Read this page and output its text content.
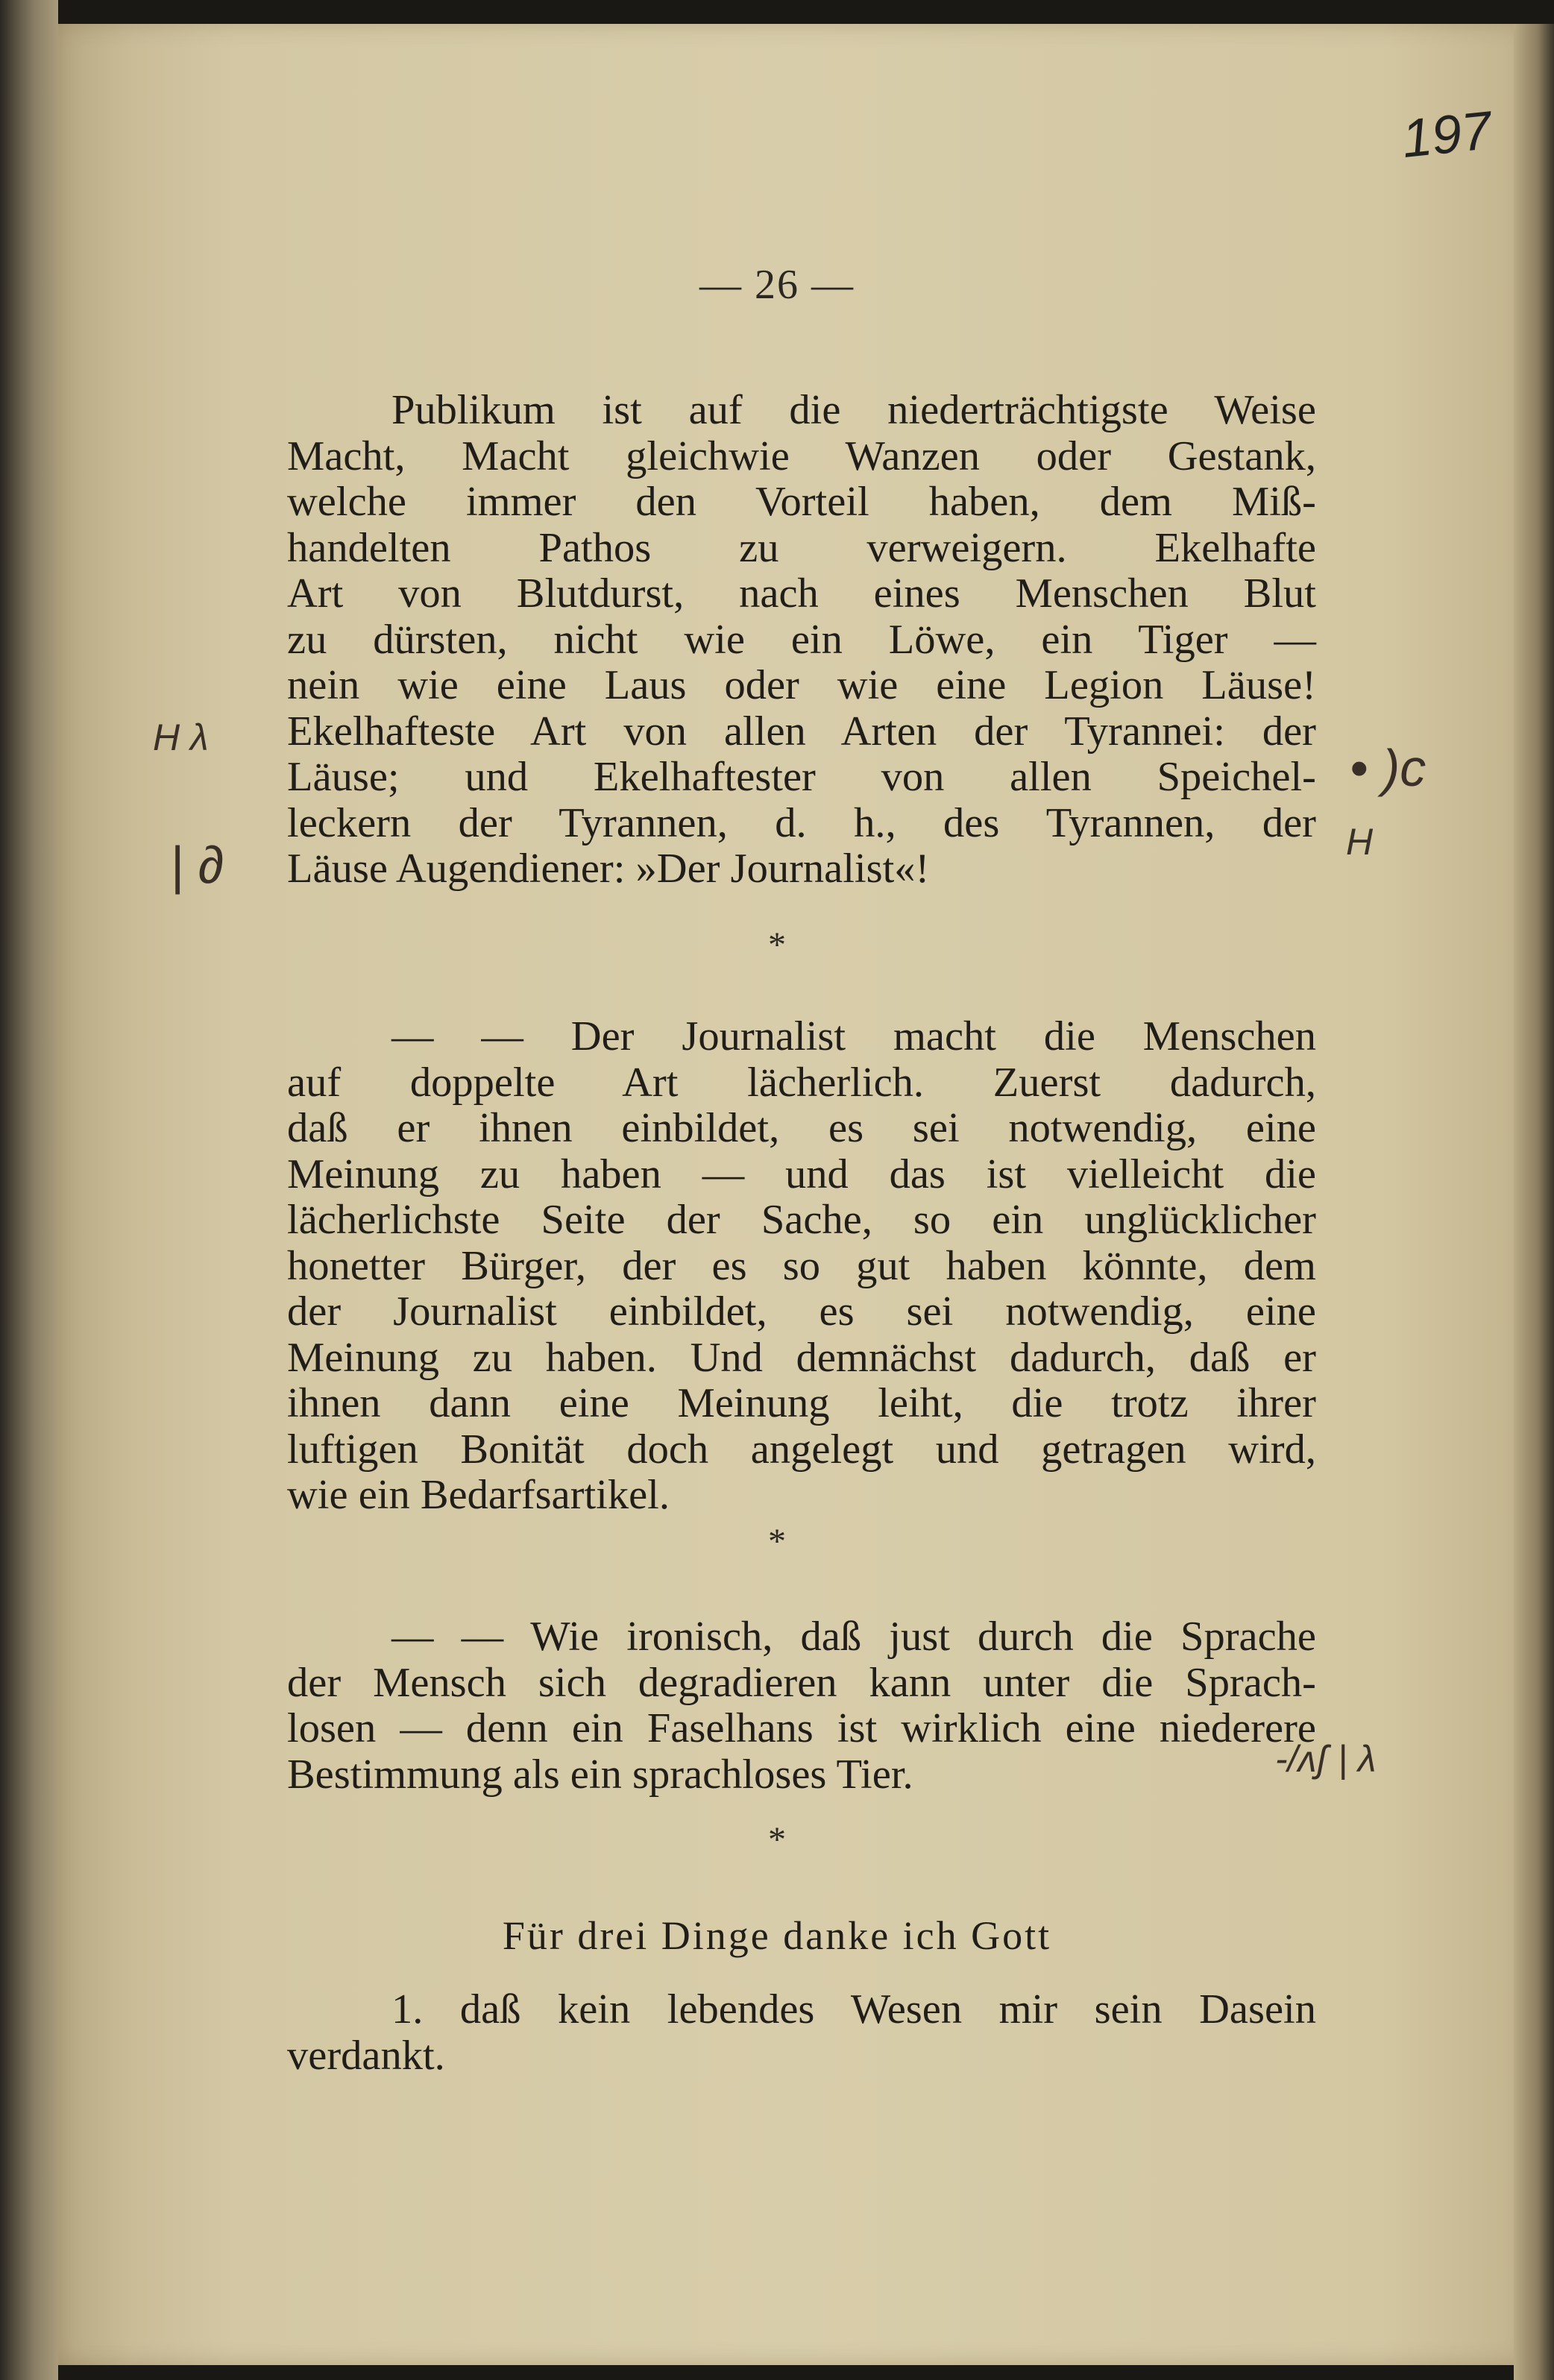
197
— 26 —

Publikum ist auf die niederträchtigste Weise

Macht, Macht gleichwie Wanzen oder Gestank,

welche immer den Vorteil haben, dem Miß-

handelten Pathos zu verweigern. Ekelhafte

Art von Blutdurst, nach eines Menschen Blut

zu dürsten, nicht wie ein Löwe, ein Tiger —

nein wie eine Laus oder wie eine Legion Läuse!

Ekelhafteste Art von allen Arten der Tyrannei: der

Läuse; und Ekelhaftester von allen Speichel-

leckern der Tyrannen, d. h., des Tyrannen, der

Läuse Augendiener: »Der Journalist«!

*

— — Der Journalist macht die Menschen

auf doppelte Art lächerlich. Zuerst dadurch,

daß er ihnen einbildet, es sei notwendig, eine

Meinung zu haben — und das ist vielleicht die

lächerlichste Seite der Sache, so ein unglücklicher

honetter Bürger, der es so gut haben könnte, dem

der Journalist einbildet, es sei notwendig, eine

Meinung zu haben. Und demnächst dadurch, daß er

ihnen dann eine Meinung leiht, die trotz ihrer

luftigen Bonität doch angelegt und getragen wird,

wie ein Bedarfsartikel.

*

— — Wie ironisch, daß just durch die Sprache

der Mensch sich degradieren kann unter die Sprach-

losen — denn ein Faselhans ist wirklich eine niederere

Bestimmung als ein sprachloses Tier.

*
Für drei Dinge danke ich Gott

1. daß kein lebendes Wesen mir sein Dasein

verdankt.

H λ
| ∂
• )c
H
-/ʌʃ | λ
